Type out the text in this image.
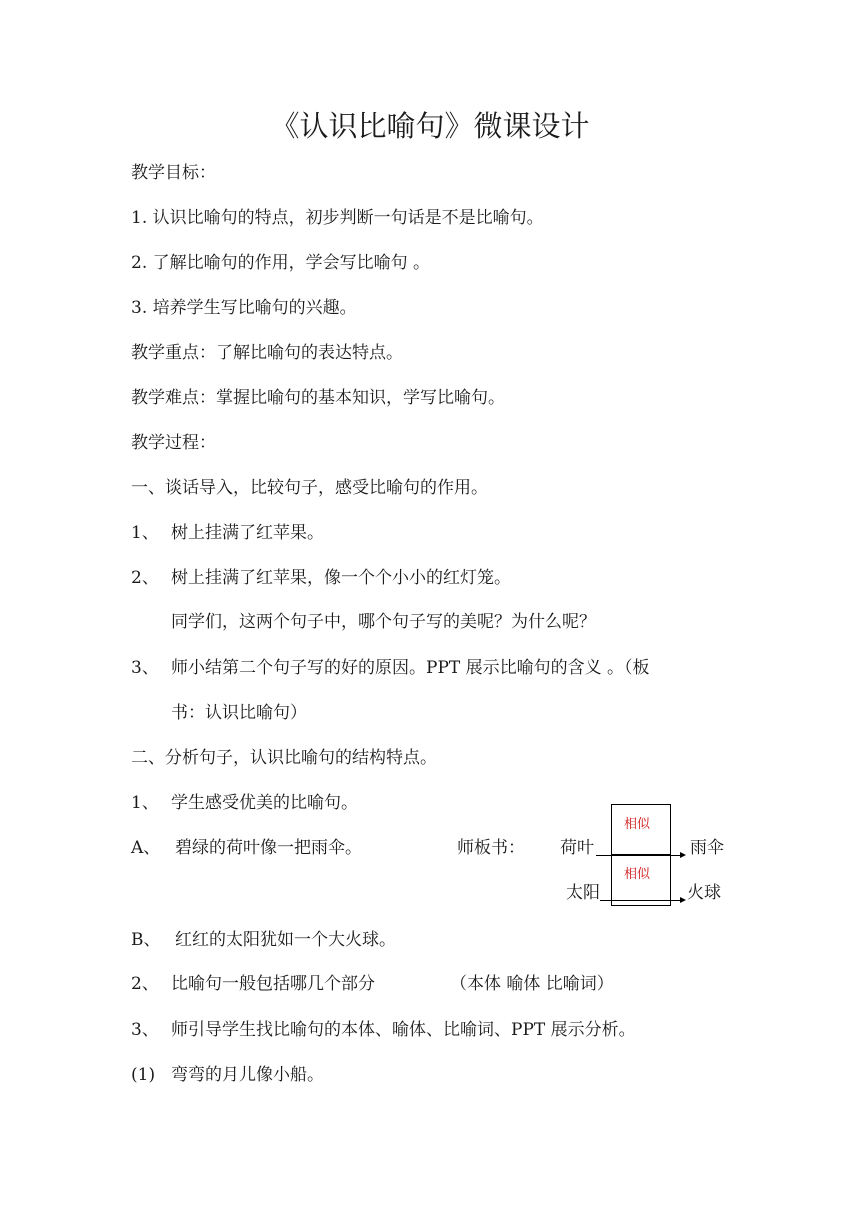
《认识比喻句》微课设计
教学目标：
1. 认识比喻句的特点，初步判断一句话是不是比喻句。
2. 了解比喻句的作用，学会写比喻句 。
3. 培养学生写比喻句的兴趣。
教学重点：了解比喻句的表达特点。
教学难点：掌握比喻句的基本知识，学写比喻句。
教学过程：
一、谈话导入，比较句子，感受比喻句的作用。
1、 树上挂满了红苹果。
2、 树上挂满了红苹果，像一个个小小的红灯笼。
同学们，这两个句子中，哪个句子写的美呢？为什么呢？
3、 师小结第二个句子写的好的原因。PPT 展示比喻句的含义 。（板
书：认识比喻句）
二、分析句子，认识比喻句的结构特点。
1、 学生感受优美的比喻句。
A、 碧绿的荷叶像一把雨伞。	师板书：
相似
相似
荷叶	雨伞
太阳	火球
B、 红红的太阳犹如一个大火球。
2、 比喻句一般包括哪几个部分	（本体 喻体 比喻词）
3、 师引导学生找比喻句的本体、喻体、比喻词、PPT 展示分析。
(1) 弯弯的月儿像小船。
